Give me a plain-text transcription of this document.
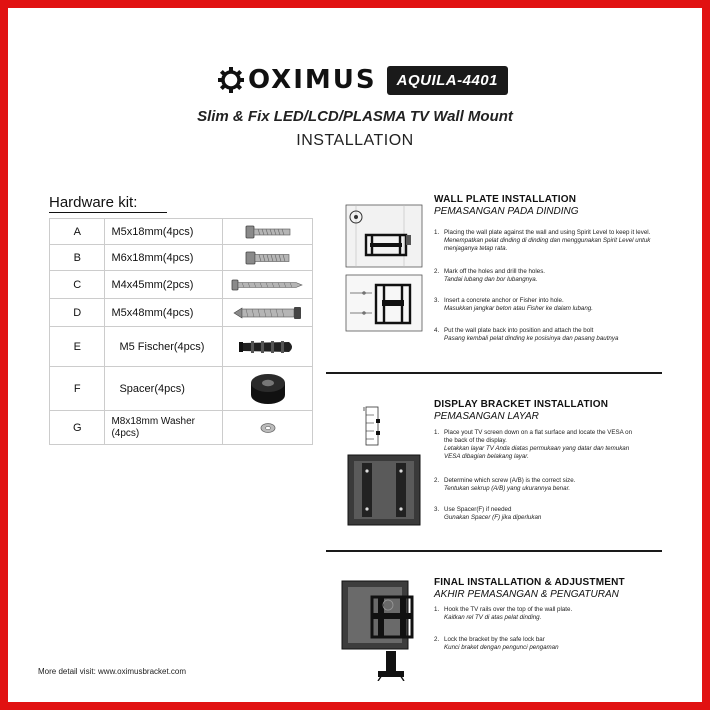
OXIMUS	AQUILA-4401
Slim & Fix LED/LCD/PLASMA TV Wall Mount
INSTALLATION
Hardware kit:
A	M5x18mm(4pcs)	

B	M6x18mm(4pcs)	

C	M4x45mm(2pcs)	

D	M5x48mm(4pcs)	

E	M5 Fischer(4pcs)	

F	Spacer(4pcs)	

G	M8x18mm Washer
(4pcs)

WALL PLATE INSTALLATION
PEMASANGAN PADA DINDING
1. Placing the wall plate against the wall and using Spirit Level to keep it level.
Menempatkan pelat dinding di dinding dan menggunakan Spirit Level untuk
menjaganya tetap rata.
2. Mark off the holes and drill the holes.
Tandai lubang dan bor lubangnya.
3. Insert a concrete anchor or Fisher into hole.
Masukkan jangkar beton atau Fisher ke dalam lubang.
4. Put the wall plate back into position and attach the bolt
Pasang kembali pelat dinding ke posisinya dan pasang bautnya
DISPLAY BRACKET INSTALLATION
PEMASANGAN LAYAR
1. Place yout TV screen down on a flat surface and locate the VESA on
the back of the display.
Letakkan layar TV Anda diatas permukaan yang datar dan temukan
VESA dibagian belakang layar.
2. Determine which screw (A/B) is the correct size.
Tentukan sekrup (A/B) yang ukurannya benar.
3. Use Spacer(F) if needed
Gunakan Spacer (F) jika diperlukan
FINAL INSTALLATION & ADJUSTMENT
AKHIR PEMASANGAN & PENGATURAN
1. Hook the TV rails over the top of the wall plate.
Kaitkan rel TV di atas pelat dinding.
2. Lock the bracket by the safe lock bar
Kunci braket dengan pengunci pengaman
More detail visit: www.oximusbracket.com
